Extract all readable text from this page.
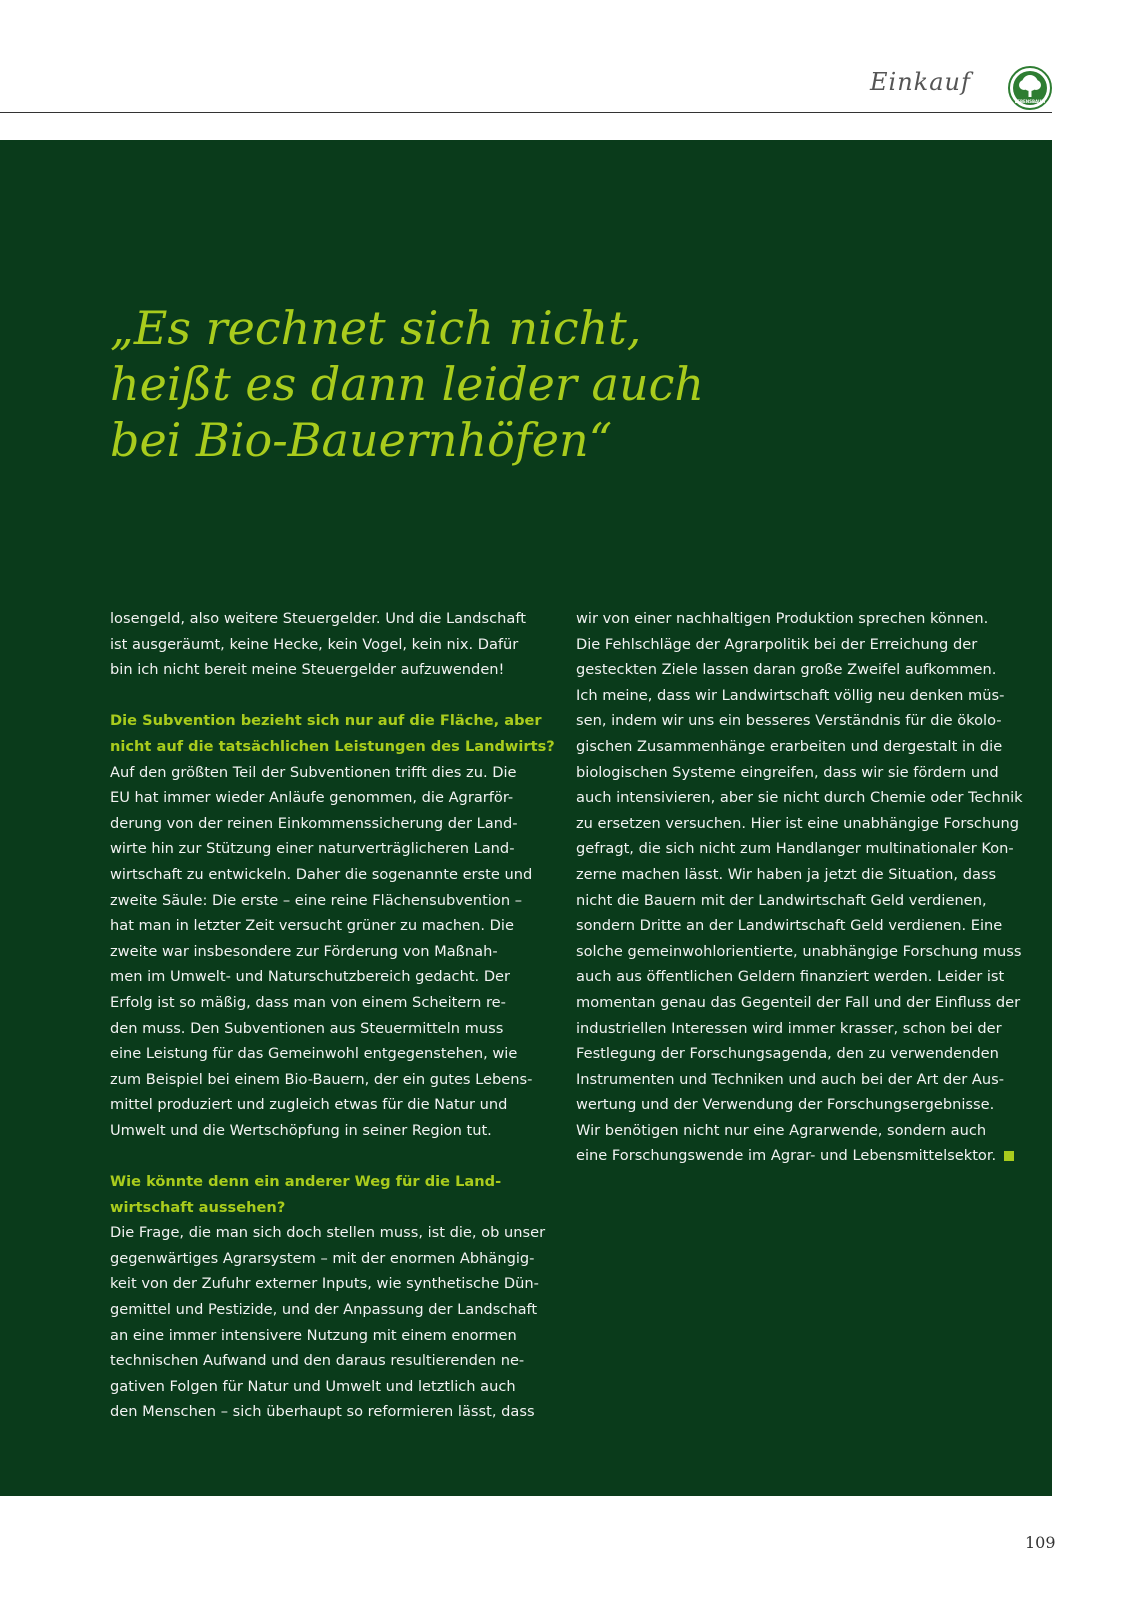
Einkauf
LEBENSBAUM
„Es rechnet sich nicht,
heißt es dann leider auch
bei Bio-Bauernhöfen“
losengeld, also weitere Steuergelder. Und die Landschaft
ist ausgeräumt, keine Hecke, kein Vogel, kein nix. Dafür
bin ich nicht bereit meine Steuergelder aufzuwenden!
Die Subvention bezieht sich nur auf die Fläche, aber
nicht auf die tatsächlichen Leistungen des Landwirts?
Auf den größten Teil der Subventionen trifft dies zu. Die
EU hat immer wieder Anläufe genommen, die Agrarför-
derung von der reinen Einkommenssicherung der Land-
wirte hin zur Stützung einer naturverträglicheren Land-
wirtschaft zu entwickeln. Daher die sogenannte erste und
zweite Säule: Die erste – eine reine Flächensubvention –
hat man in letzter Zeit versucht grüner zu machen. Die
zweite war insbesondere zur Förderung von Maßnah-
men im Umwelt- und Naturschutzbereich gedacht. Der
Erfolg ist so mäßig, dass man von einem Scheitern re-
den muss. Den Subventionen aus Steuermitteln muss
eine Leistung für das Gemeinwohl entgegenstehen, wie
zum Beispiel bei einem Bio-Bauern, der ein gutes Lebens-
mittel produziert und zugleich etwas für die Natur und
Umwelt und die Wertschöpfung in seiner Region tut.
Wie könnte denn ein anderer Weg für die Land-
wirtschaft aussehen?
Die Frage, die man sich doch stellen muss, ist die, ob unser
gegenwärtiges Agrarsystem – mit der enormen Abhängig-
keit von der Zufuhr externer Inputs, wie synthetische Dün-
gemittel und Pestizide, und der Anpassung der Landschaft
an eine immer intensivere Nutzung mit einem enormen
technischen Aufwand und den daraus resultierenden ne-
gativen Folgen für Natur und Umwelt und letztlich auch
den Menschen – sich überhaupt so reformieren lässt, dass
wir von einer nachhaltigen Produktion sprechen können.
Die Fehlschläge der Agrarpolitik bei der Erreichung der
gesteckten Ziele lassen daran große Zweifel aufkommen.
Ich meine, dass wir Landwirtschaft völlig neu denken müs-
sen, indem wir uns ein besseres Verständnis für die ökolo-
gischen Zusammenhänge erarbeiten und dergestalt in die
biologischen Systeme eingreifen, dass wir sie fördern und
auch intensivieren, aber sie nicht durch Chemie oder Technik
zu ersetzen versuchen. Hier ist eine unabhängige Forschung
gefragt, die sich nicht zum Handlanger multinationaler Kon-
zerne machen lässt. Wir haben ja jetzt die Situation, dass
nicht die Bauern mit der Landwirtschaft Geld verdienen,
sondern Dritte an der Landwirtschaft Geld verdienen. Eine
solche gemeinwohlorientierte, unabhängige Forschung muss
auch aus öffentlichen Geldern finanziert werden. Leider ist
momentan genau das Gegenteil der Fall und der Einfluss der
industriellen Interessen wird immer krasser, schon bei der
Festlegung der Forschungsagenda, den zu verwendenden
Instrumenten und Techniken und auch bei der Art der Aus-
wertung und der Verwendung der Forschungsergebnisse.
Wir benötigen nicht nur eine Agrarwende, sondern auch
eine Forschungswende im Agrar- und Lebensmittelsektor.
109
